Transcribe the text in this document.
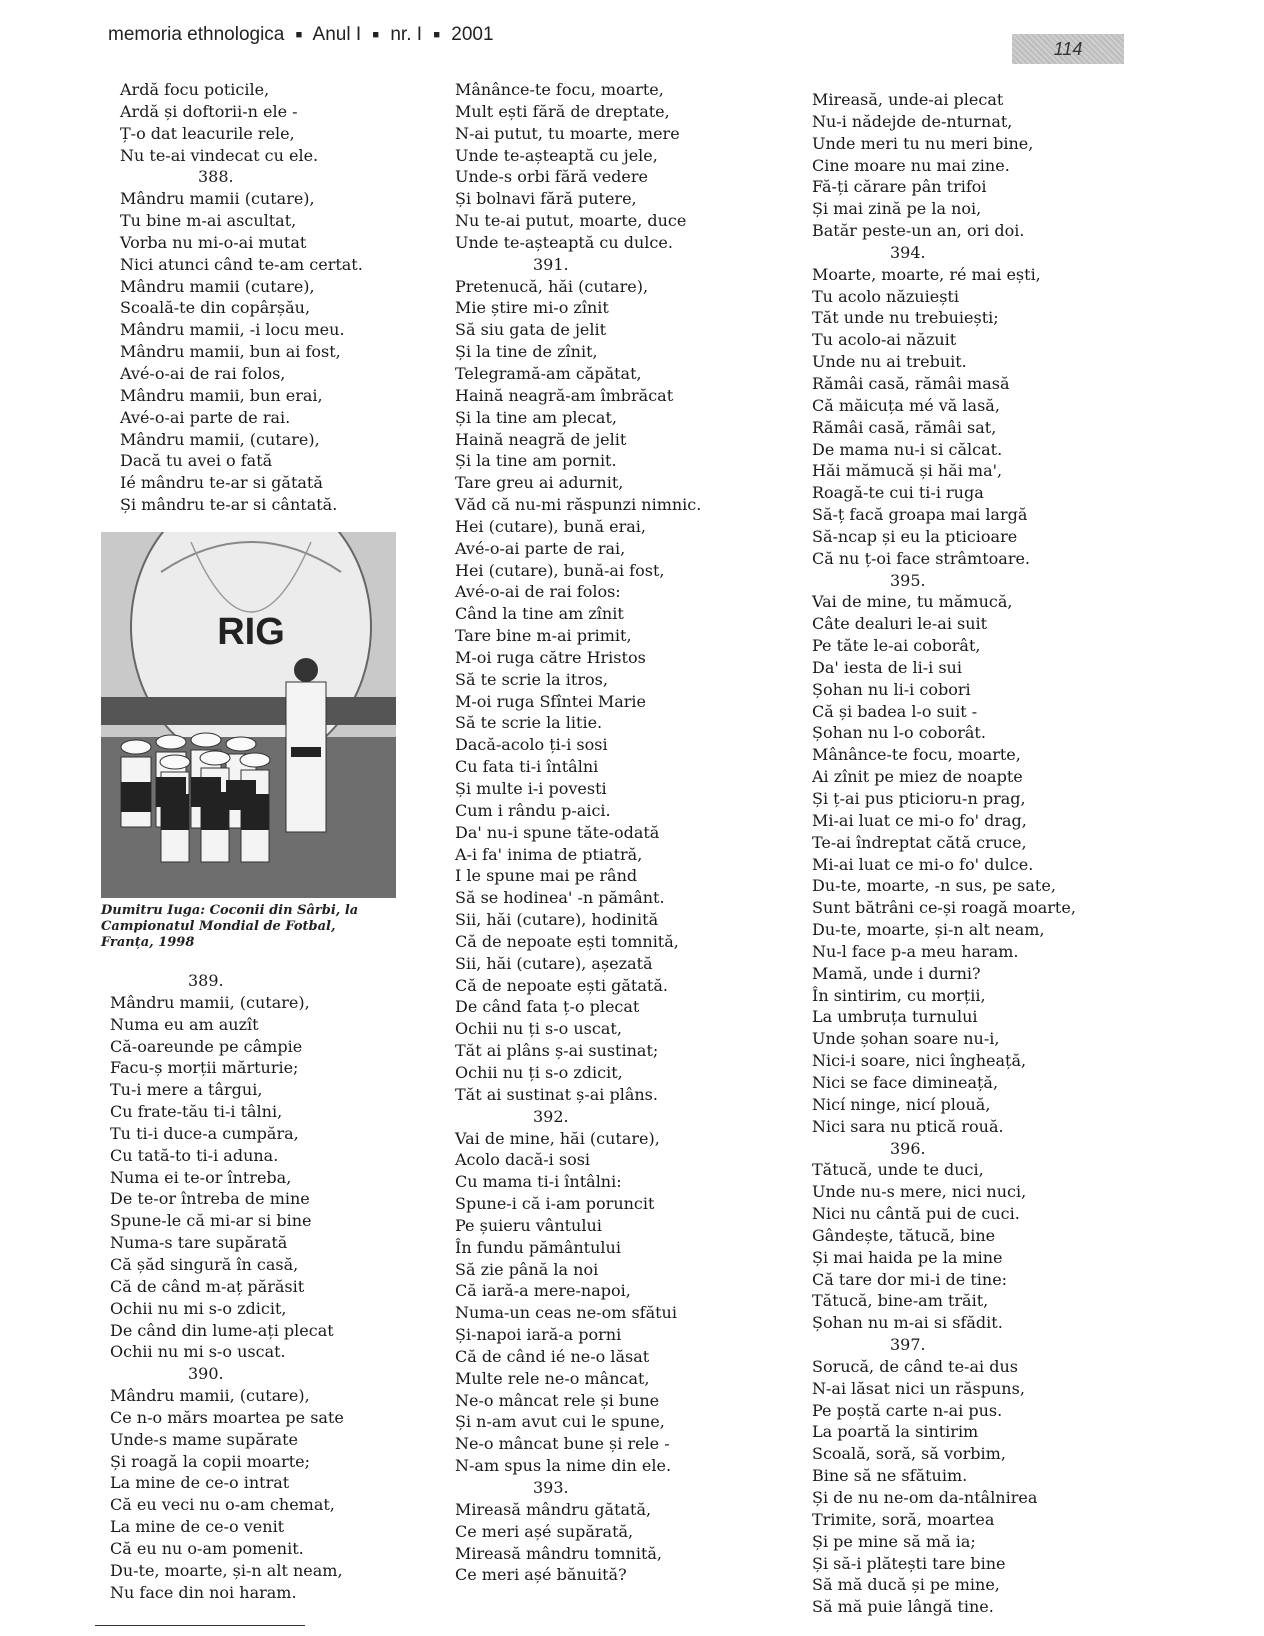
memoria ethnologica ■ Anul I ■ nr. I ■ 2001
114
Ardă focu poticile,
Ardă și doftorii-n ele -
Ț-o dat leacurile rele,
Nu te-ai vindecat cu ele.
388.
Mândru mamii (cutare),
Tu bine m-ai ascultat,
Vorba nu mi-o-ai mutat
Nici atunci când te-am certat.
Mândru mamii (cutare),
Scoală-te din copârșău,
Mândru mamii, -i locu meu.
Mândru mamii, bun ai fost,
Avé-o-ai de rai folos,
Mândru mamii, bun erai,
Avé-o-ai parte de rai.
Mândru mamii, (cutare),
Dacă tu avei o fată
Ié mândru te-ar si gătată
Și mândru te-ar si cântată.
RIG
Dumitru Iuga: Coconii din Sârbi, la
Campionatul Mondial de Fotbal,
Franța, 1998
389.
Mândru mamii, (cutare),
Numa eu am auzît
Că-oareunde pe câmpie
Facu-ș morții mărturie;
Tu-i mere a târgui,
Cu frate-tău ti-i tâlni,
Tu ti-i duce-a cumpăra,
Cu tată-to ti-i aduna.
Numa ei te-or întreba,
De te-or întreba de mine
Spune-le că mi-ar si bine
Numa-s tare supărată
Că șăd singură în casă,
Că de când m-aț părăsit
Ochii nu mi s-o zdicit,
De când din lume-ați plecat
Ochii nu mi s-o uscat.
390.
Mândru mamii, (cutare),
Ce n-o mărs moartea pe sate
Unde-s mame supărate
Și roagă la copii moarte;
La mine de ce-o intrat
Că eu veci nu o-am chemat,
La mine de ce-o venit
Că eu nu o-am pomenit.
Du-te, moarte, și-n alt neam,
Nu face din noi haram.
Mânânce-te focu, moarte,
Mult ești fără de dreptate,
N-ai putut, tu moarte, mere
Unde te-așteaptă cu jele,
Unde-s orbi fără vedere
Și bolnavi fără putere,
Nu te-ai putut, moarte, duce
Unde te-așteaptă cu dulce.
391.
Pretenucă, hăi (cutare),
Mie știre mi-o zînit
Să siu gata de jelit
Și la tine de zînit,
Telegramă-am căpătat,
Haină neagră-am îmbrăcat
Și la tine am plecat,
Haină neagră de jelit
Și la tine am pornit.
Tare greu ai adurnit,
Văd că nu-mi răspunzi nimnic.
Hei (cutare), bună erai,
Avé-o-ai parte de rai,
Hei (cutare), bună-ai fost,
Avé-o-ai de rai folos:
Când la tine am zînit
Tare bine m-ai primit,
M-oi ruga către Hristos
Să te scrie la itros,
M-oi ruga Sfîntei Marie
Să te scrie la litie.
Dacă-acolo ți-i sosi
Cu fata ti-i întâlni
Și multe i-i povesti
Cum i rându p-aici.
Da' nu-i spune tăte-odată
A-i fa' inima de ptiatră,
I le spune mai pe rând
Să se hodinea' -n pământ.
Sii, hăi (cutare), hodinită
Că de nepoate ești tomnită,
Sii, hăi (cutare), așezată
Că de nepoate ești gătată.
De când fata ț-o plecat
Ochii nu ți s-o uscat,
Tăt ai plâns ș-ai sustinat;
Ochii nu ți s-o zdicit,
Tăt ai sustinat ș-ai plâns.
392.
Vai de mine, hăi (cutare),
Acolo dacă-i sosi
Cu mama ti-i întâlni:
Spune-i că i-am poruncit
Pe șuieru vântului
În fundu pământului
Să zie până la noi
Că iară-a mere-napoi,
Numa-un ceas ne-om sfătui
Și-napoi iară-a porni
Că de când ié ne-o lăsat
Multe rele ne-o mâncat,
Ne-o mâncat rele și bune
Și n-am avut cui le spune,
Ne-o mâncat bune și rele -
N-am spus la nime din ele.
393.
Mireasă mândru gătată,
Ce meri așé supărată,
Mireasă mândru tomnită,
Ce meri așé bănuită?
Mireasă, unde-ai plecat
Nu-i nădejde de-nturnat,
Unde meri tu nu meri bine,
Cine moare nu mai zine.
Fă-ți cărare pân trifoi
Și mai zină pe la noi,
Batăr peste-un an, ori doi.
394.
Moarte, moarte, ré mai ești,
Tu acolo năzuiești
Tăt unde nu trebuiești;
Tu acolo-ai năzuit
Unde nu ai trebuit.
Rămâi casă, rămâi masă
Că măicuța mé vă lasă,
Rămâi casă, rămâi sat,
De mama nu-i si călcat.
Hăi mămucă și hăi ma',
Roagă-te cui ti-i ruga
Să-ț facă groapa mai largă
Să-ncap și eu la pticioare
Că nu ț-oi face strâmtoare.
395.
Vai de mine, tu mămucă,
Câte dealuri le-ai suit
Pe tăte le-ai coborât,
Da' iesta de li-i sui
Șohan nu li-i cobori
Că și badea l-o suit -
Șohan nu l-o coborât.
Mânânce-te focu, moarte,
Ai zînit pe miez de noapte
Și ț-ai pus pticioru-n prag,
Mi-ai luat ce mi-o fo' drag,
Te-ai îndreptat cătă cruce,
Mi-ai luat ce mi-o fo' dulce.
Du-te, moarte, -n sus, pe sate,
Sunt bătrâni ce-și roagă moarte,
Du-te, moarte, și-n alt neam,
Nu-l face p-a meu haram.
Mamă, unde i durni?
În sintirim, cu morții,
La umbruța turnului
Unde șohan soare nu-i,
Nici-i soare, nici îngheață,
Nici se face dimineață,
Nicí ninge, nicí plouă,
Nici sara nu ptică rouă.
396.
Tătucă, unde te duci,
Unde nu-s mere, nici nuci,
Nici nu cântă pui de cuci.
Gândește, tătucă, bine
Și mai haida pe la mine
Că tare dor mi-i de tine:
Tătucă, bine-am trăit,
Șohan nu m-ai si sfădit.
397.
Sorucă, de când te-ai dus
N-ai lăsat nici un răspuns,
Pe poștă carte n-ai pus.
La poartă la sintirim
Scoală, soră, să vorbim,
Bine să ne sfătuim.
Și de nu ne-om da-ntâlnirea
Trimite, soră, moartea
Și pe mine să mă ia;
Și să-i plătești tare bine
Să mă ducă și pe mine,
Să mă puie lângă tine.
